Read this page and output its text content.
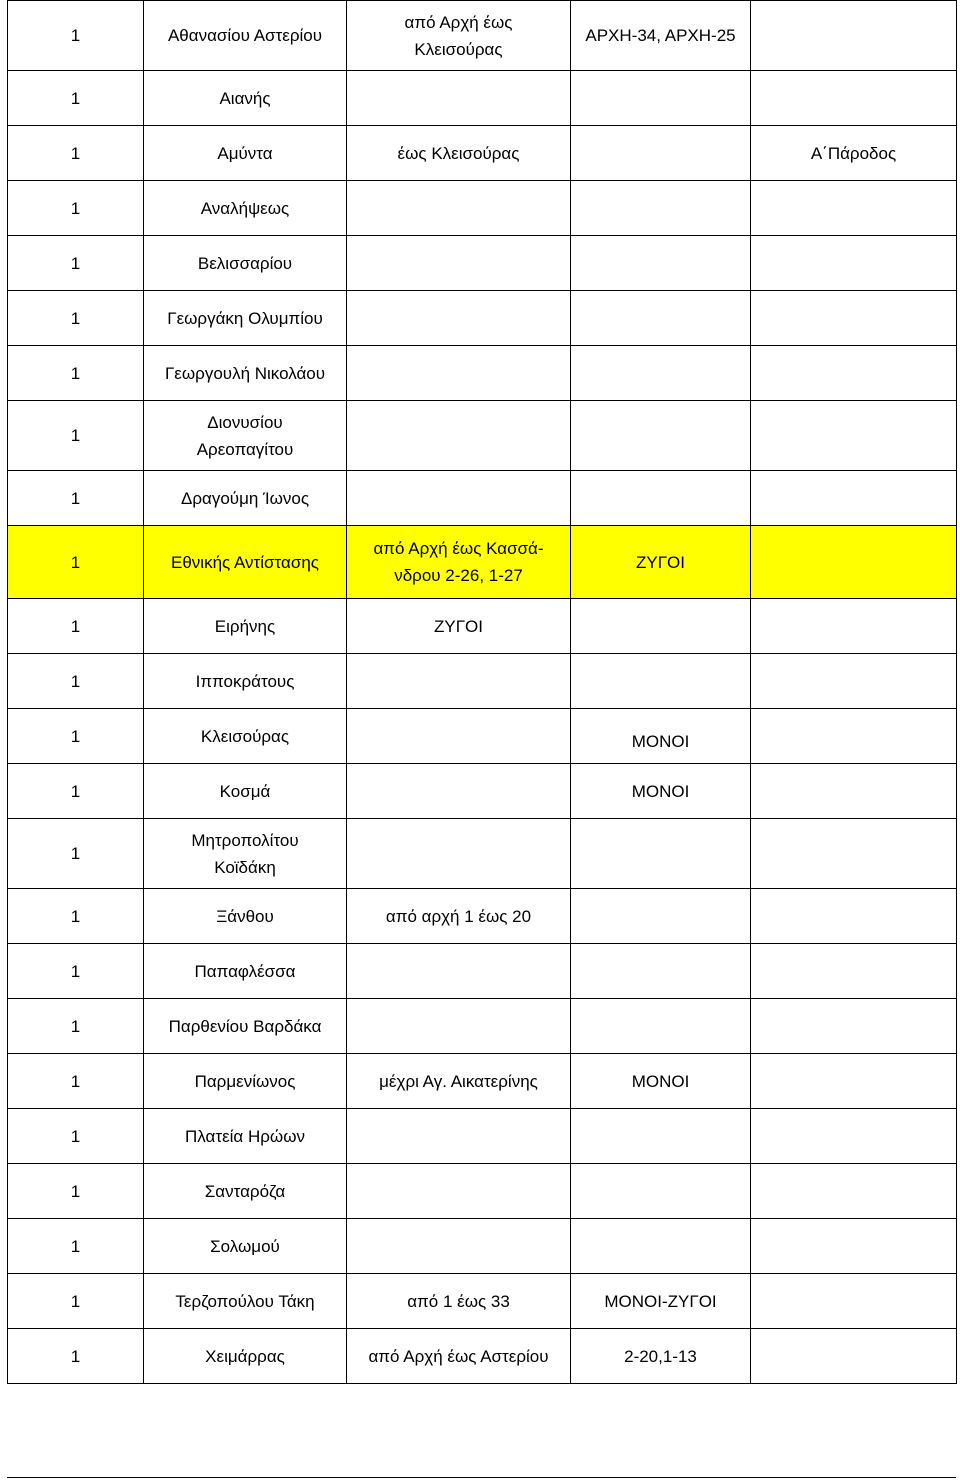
1	Αθανασίου Αστερίου	από Αρχή έως Κλεισούρας	ΑΡΧΗ-34, ΑΡΧΗ-25	
1	Αιανής			
1	Αμύντα	έως Κλεισούρας		Α΄Πάροδος
1	Αναλήψεως			
1	Βελισσαρίου			
1	Γεωργάκη Ολυμπίου			
1	Γεωργουλή Νικολάου			
1	Διονυσίου Αρεοπαγίτου			
1	Δραγούμη Ίωνος			
1	Εθνικής Αντίστασης	από Αρχή έως Κασσά-νδρου 2-26, 1-27	ΖΥΓΟΙ	
1	Ειρήνης	ΖΥΓΟΙ		
1	Ιπποκράτους			
1	Κλεισούρας		ΜΟΝΟΙ	
1	Κοσμά		ΜΟΝΟΙ	
1	Μητροπολίτου Κοϊδάκη			
1	Ξάνθου	από αρχή 1 έως 20		
1	Παπαφλέσσα			
1	Παρθενίου Βαρδάκα			
1	Παρμενίωνος	μέχρι Αγ. Αικατερίνης	ΜΟΝΟΙ	
1	Πλατεία Ηρώων			
1	Σανταρόζα			
1	Σολωμού			
1	Τερζοπούλου Τάκη	από 1 έως 33	ΜΟΝΟΙ-ΖΥΓΟΙ	
1	Χειμάρρας	από Αρχή έως Αστερίου	2-20,1-13	
